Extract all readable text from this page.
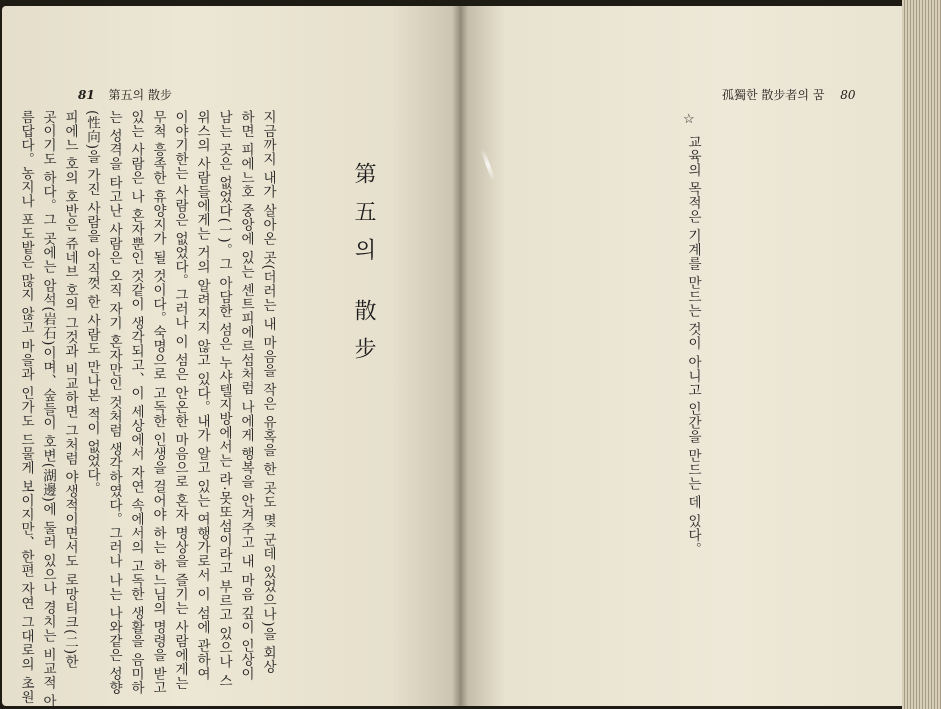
81 第五의 散步
第五의 散步
지금까지 내가 살아온 곳(더러는 내 마음을 작은 유혹을 한 곳도 몇 군데 있었으나)을 회상
하면 피에느호 중앙에 있는 센트피에르섬처럼 나에게 행복을 안겨주고 내 마음 깊이 인상이
남는 곳은 없었다(一)。그 아담한 섬은 누샤텔지방에서는 라·못또섬이라고 부르고 있으나 스
위스의 사람들에게는 거의 알려지지 않고 있다。내가 알고 있는 여행가로서 이 섬에 관하여
이야기한는 사람은 없었다。그러나 이 섬은 안온한 마음으로 혼자 명상을 즐기는 사람에게는
무척 흥족한 휴양지가 될 것이다。숙명으로 고독한 인생을 걸어야 하는 하느님의 명령을 받고
있는 사람은 나 혼자뿐인 것같이 생각되고、이 세상에서 자연 속에서의 고독한 생활을 음미하
는 성격을 타고난 사람은 오직 자기 혼자만인 것처럼 생각하였다。그러나 나는 나와같은 성향
(性向)을 가진 사람을 아직껏 한 사람도 만나본 적이 없었다。
피에느 호의 호반은 쥬네브 호의 그것과 비교하면 그처럼 야생적이면서도 로망티크(二)한
곳이기도 하다。그 곳에는 암석(岩石)이며、숲들이 호변(湖邊)에 둘러 있으나 경치는 비교적 아
름답다。농지나 포도밭은 많지 않고 마을과 인가도 드물게 보이지만、한편 자연 그대로의 초원
孤獨한 散步者의 꿈 80
☆
교육의 목적은 기계를 만드는 것이 아니고 인간을 만드는 데 있다。
